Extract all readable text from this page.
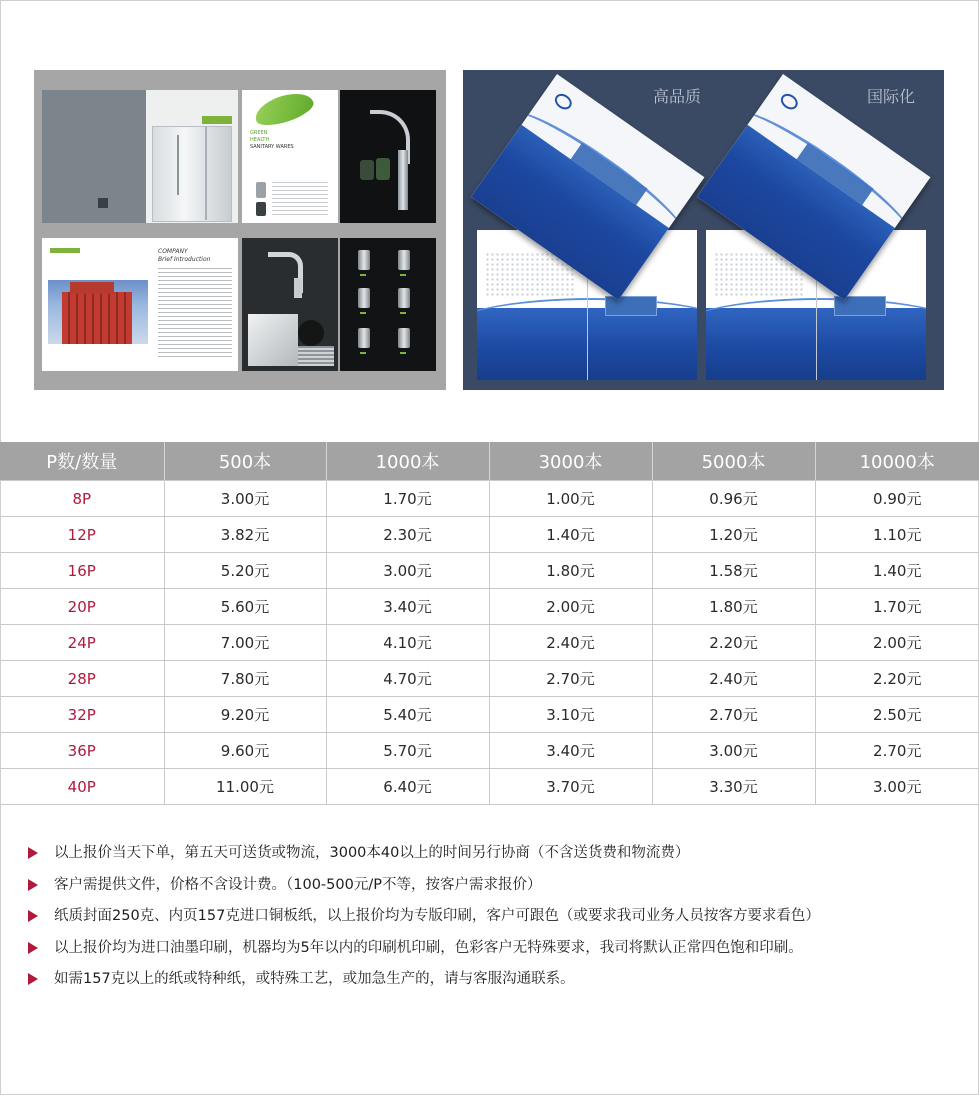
GREEN
HEALTH
SANITARY WARES
COMPANY
Brief Introduction
高品质	国际化
P数/数量	500本	1000本	3000本	5000本	10000本
8P	3.00元	1.70元	1.00元	0.96元	0.90元
12P	3.82元	2.30元	1.40元	1.20元	1.10元
16P	5.20元	3.00元	1.80元	1.58元	1.40元
20P	5.60元	3.40元	2.00元	1.80元	1.70元
24P	7.00元	4.10元	2.40元	2.20元	2.00元
28P	7.80元	4.70元	2.70元	2.40元	2.20元
32P	9.20元	5.40元	3.10元	2.70元	2.50元
36P	9.60元	5.70元	3.40元	3.00元	2.70元
40P	11.00元	6.40元	3.70元	3.30元	3.00元
以上报价当天下单，第五天可送货或物流，3000本40以上的时间另行协商（不含送货费和物流费）
客户需提供文件，价格不含设计费。（100-500元/P不等，按客户需求报价）
纸质封面250克、内页157克进口铜板纸，以上报价均为专版印刷，客户可跟色（或要求我司业务人员按客方要求看色）
以上报价均为进口油墨印刷，机器均为5年以内的印刷机印刷，色彩客户无特殊要求，我司将默认正常四色饱和印刷。
如需157克以上的纸或特种纸，或特殊工艺，或加急生产的，请与客服沟通联系。
